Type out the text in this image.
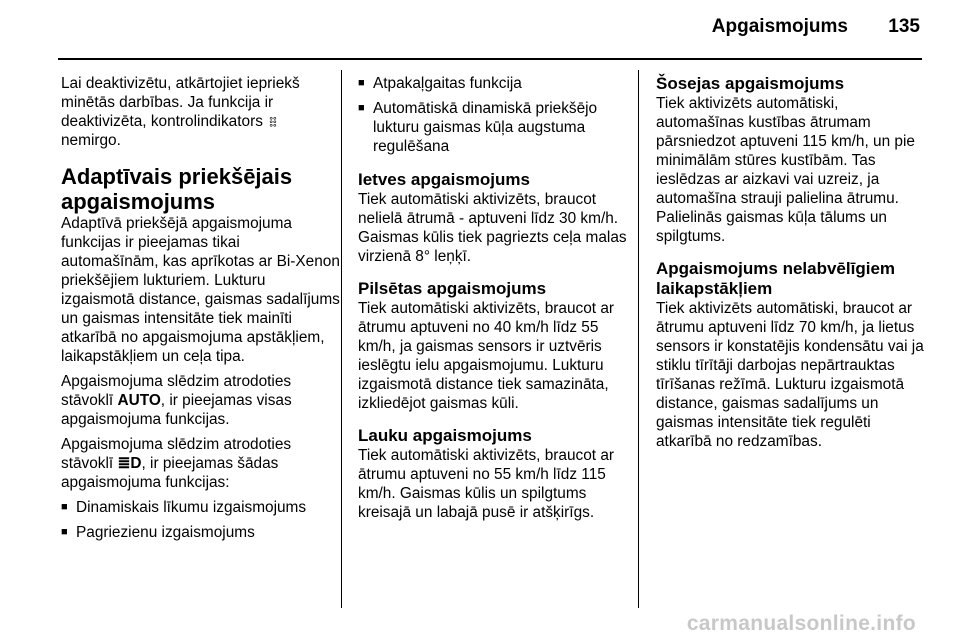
Apgaismojums 135

Lai deaktivizētu, atkārtojiet iepriekš minētās darbības. Ja funkcija ir deaktivizēta, kontrolindikators 𐄞
nemirgo.

Adaptīvais priekšējais apgaismojums

Adaptīvā priekšējā apgaismojuma funkcijas ir pieejamas tikai automašīnām, kas aprīkotas ar Bi-Xenon priekšējiem lukturiem. Lukturu izgaismotā distance, gaismas sadalījums un gaismas intensitāte tiek mainīti atkarībā no apgaismojuma apstākļiem, laikapstākļiem un ceļa tipa.

Apgaismojuma slēdzim atrodoties stāvoklī AUTO, ir pieejamas visas apgaismojuma funkcijas.

Apgaismojuma slēdzim atrodoties stāvoklī ≣D, ir pieejamas šādas apgaismojuma funkcijas:

■ Dinamiskais līkumu izgaismojums
■ Pagriezienu izgaismojums
■ Atpakaļgaitas funkcija
■ Automātiskā dinamiskā priekšējo lukturu gaismas kūļa augstuma regulēšana
Ietves apgaismojums

Tiek automātiski aktivizēts, braucot nelielā ātrumā - aptuveni līdz 30 km/h. Gaismas kūlis tiek pagriezts ceļa malas virzienā 8° leņķī.

Pilsētas apgaismojums

Tiek automātiski aktivizēts, braucot ar ātrumu aptuveni no 40 km/h līdz 55 km/h, ja gaismas sensors ir uztvēris ieslēgtu ielu apgaismojumu. Lukturu izgaismotā distance tiek samazināta, izkliedējot gaismas kūli.

Lauku apgaismojums

Tiek automātiski aktivizēts, braucot ar ātrumu aptuveni no 55 km/h līdz 115 km/h. Gaismas kūlis un spilgtums kreisajā un labajā pusē ir atšķirīgs.

Šosejas apgaismojums

Tiek aktivizēts automātiski, automašīnas kustības ātrumam pārsniedzot aptuveni 115 km/h, un pie minimālām stūres kustībām. Tas ieslēdzas ar aizkavi vai uzreiz, ja automašīna strauji palielina ātrumu. Palielinās gaismas kūļa tālums un spilgtums.

Apgaismojums nelabvēlīgiem laikapstākļiem

Tiek aktivizēts automātiski, braucot ar ātrumu aptuveni līdz 70 km/h, ja lietus sensors ir konstatējis kondensātu vai ja stiklu tīrītāji darbojas nepārtrauktas tīrīšanas režīmā. Lukturu izgaismotā distance, gaismas sadalījums un gaismas intensitāte tiek regulēti atkarībā no redzamības.

carmanualsonline.info
